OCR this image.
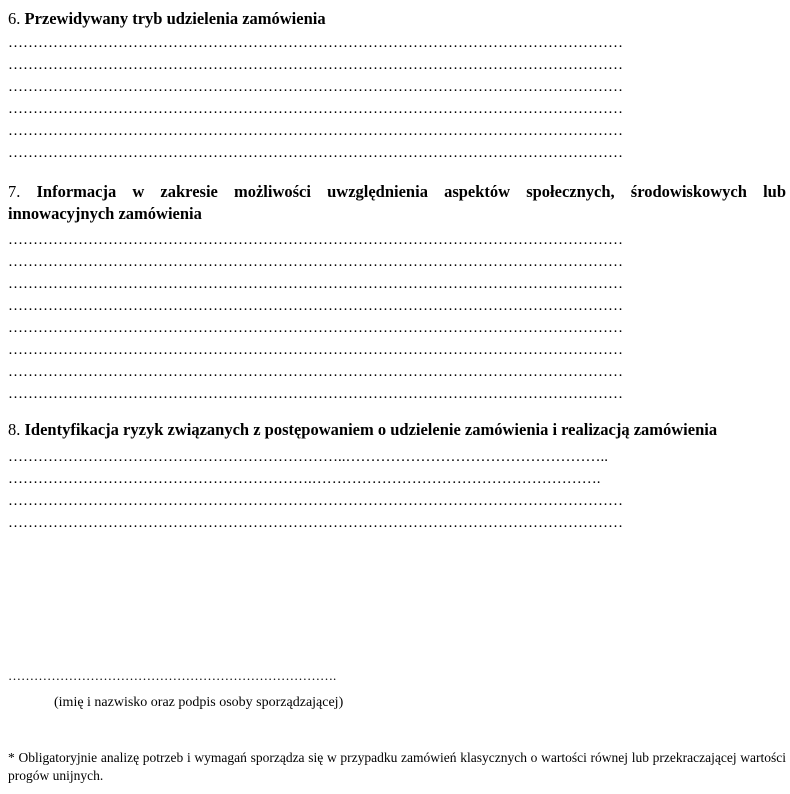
6. Przewidywany tryb udzielenia zamówienia

……………………………………………………………………………………………………………
……………………………………………………………………………………………………………
……………………………………………………………………………………………………………
……………………………………………………………………………………………………………
……………………………………………………………………………………………………………
……………………………………………………………………………………………………………

7. Informacja w zakresie możliwości uwzględnienia aspektów społecznych, środowiskowych lub innowacyjnych zamówienia

……………………………………………………………………………………………………………
……………………………………………………………………………………………………………
……………………………………………………………………………………………………………
……………………………………………………………………………………………………………
……………………………………………………………………………………………………………
……………………………………………………………………………………………………………
……………………………………………………………………………………………………………
……………………………………………………………………………………………………………

8. Identyfikacja ryzyk związanych z postępowaniem o udzielenie zamówienia i realizacją zamówienia

…………………………………………………………..……………………………………………..
…………………………………………………….………………………………………………….
……………………………………………………………………………………………………………
……………………………………………………………………………………………………………
………………………………………………………………….
(imię i nazwisko oraz podpis osoby sporządzającej)
* Obligatoryjnie analizę potrzeb i wymagań sporządza się w przypadku zamówień klasycznych o wartości równej lub przekraczającej wartości progów unijnych.
